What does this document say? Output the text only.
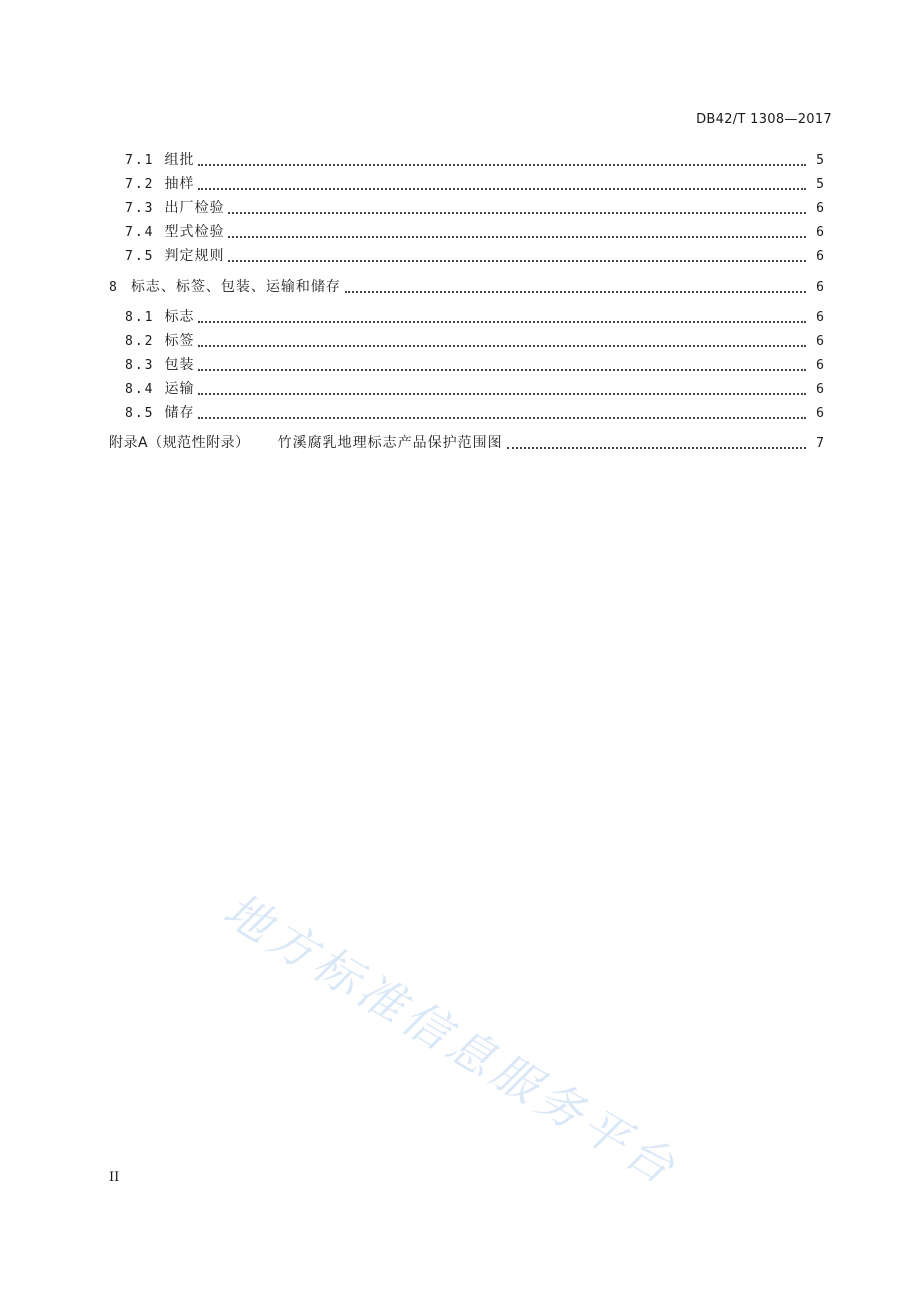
DB42/T 1308—2017
7.1 组批	5
7.2 抽样	5
7.3 出厂检验	6
7.4 型式检验	6
7.5 判定规则	6
8 标志、标签、包装、运输和储存	6
8.1 标志	6
8.2 标签	6
8.3 包装	6
8.4 运输	6
8.5 储存	6
附录A（规范性附录） 竹溪腐乳地理标志产品保护范围图	7
地方标准信息服务平台
II
